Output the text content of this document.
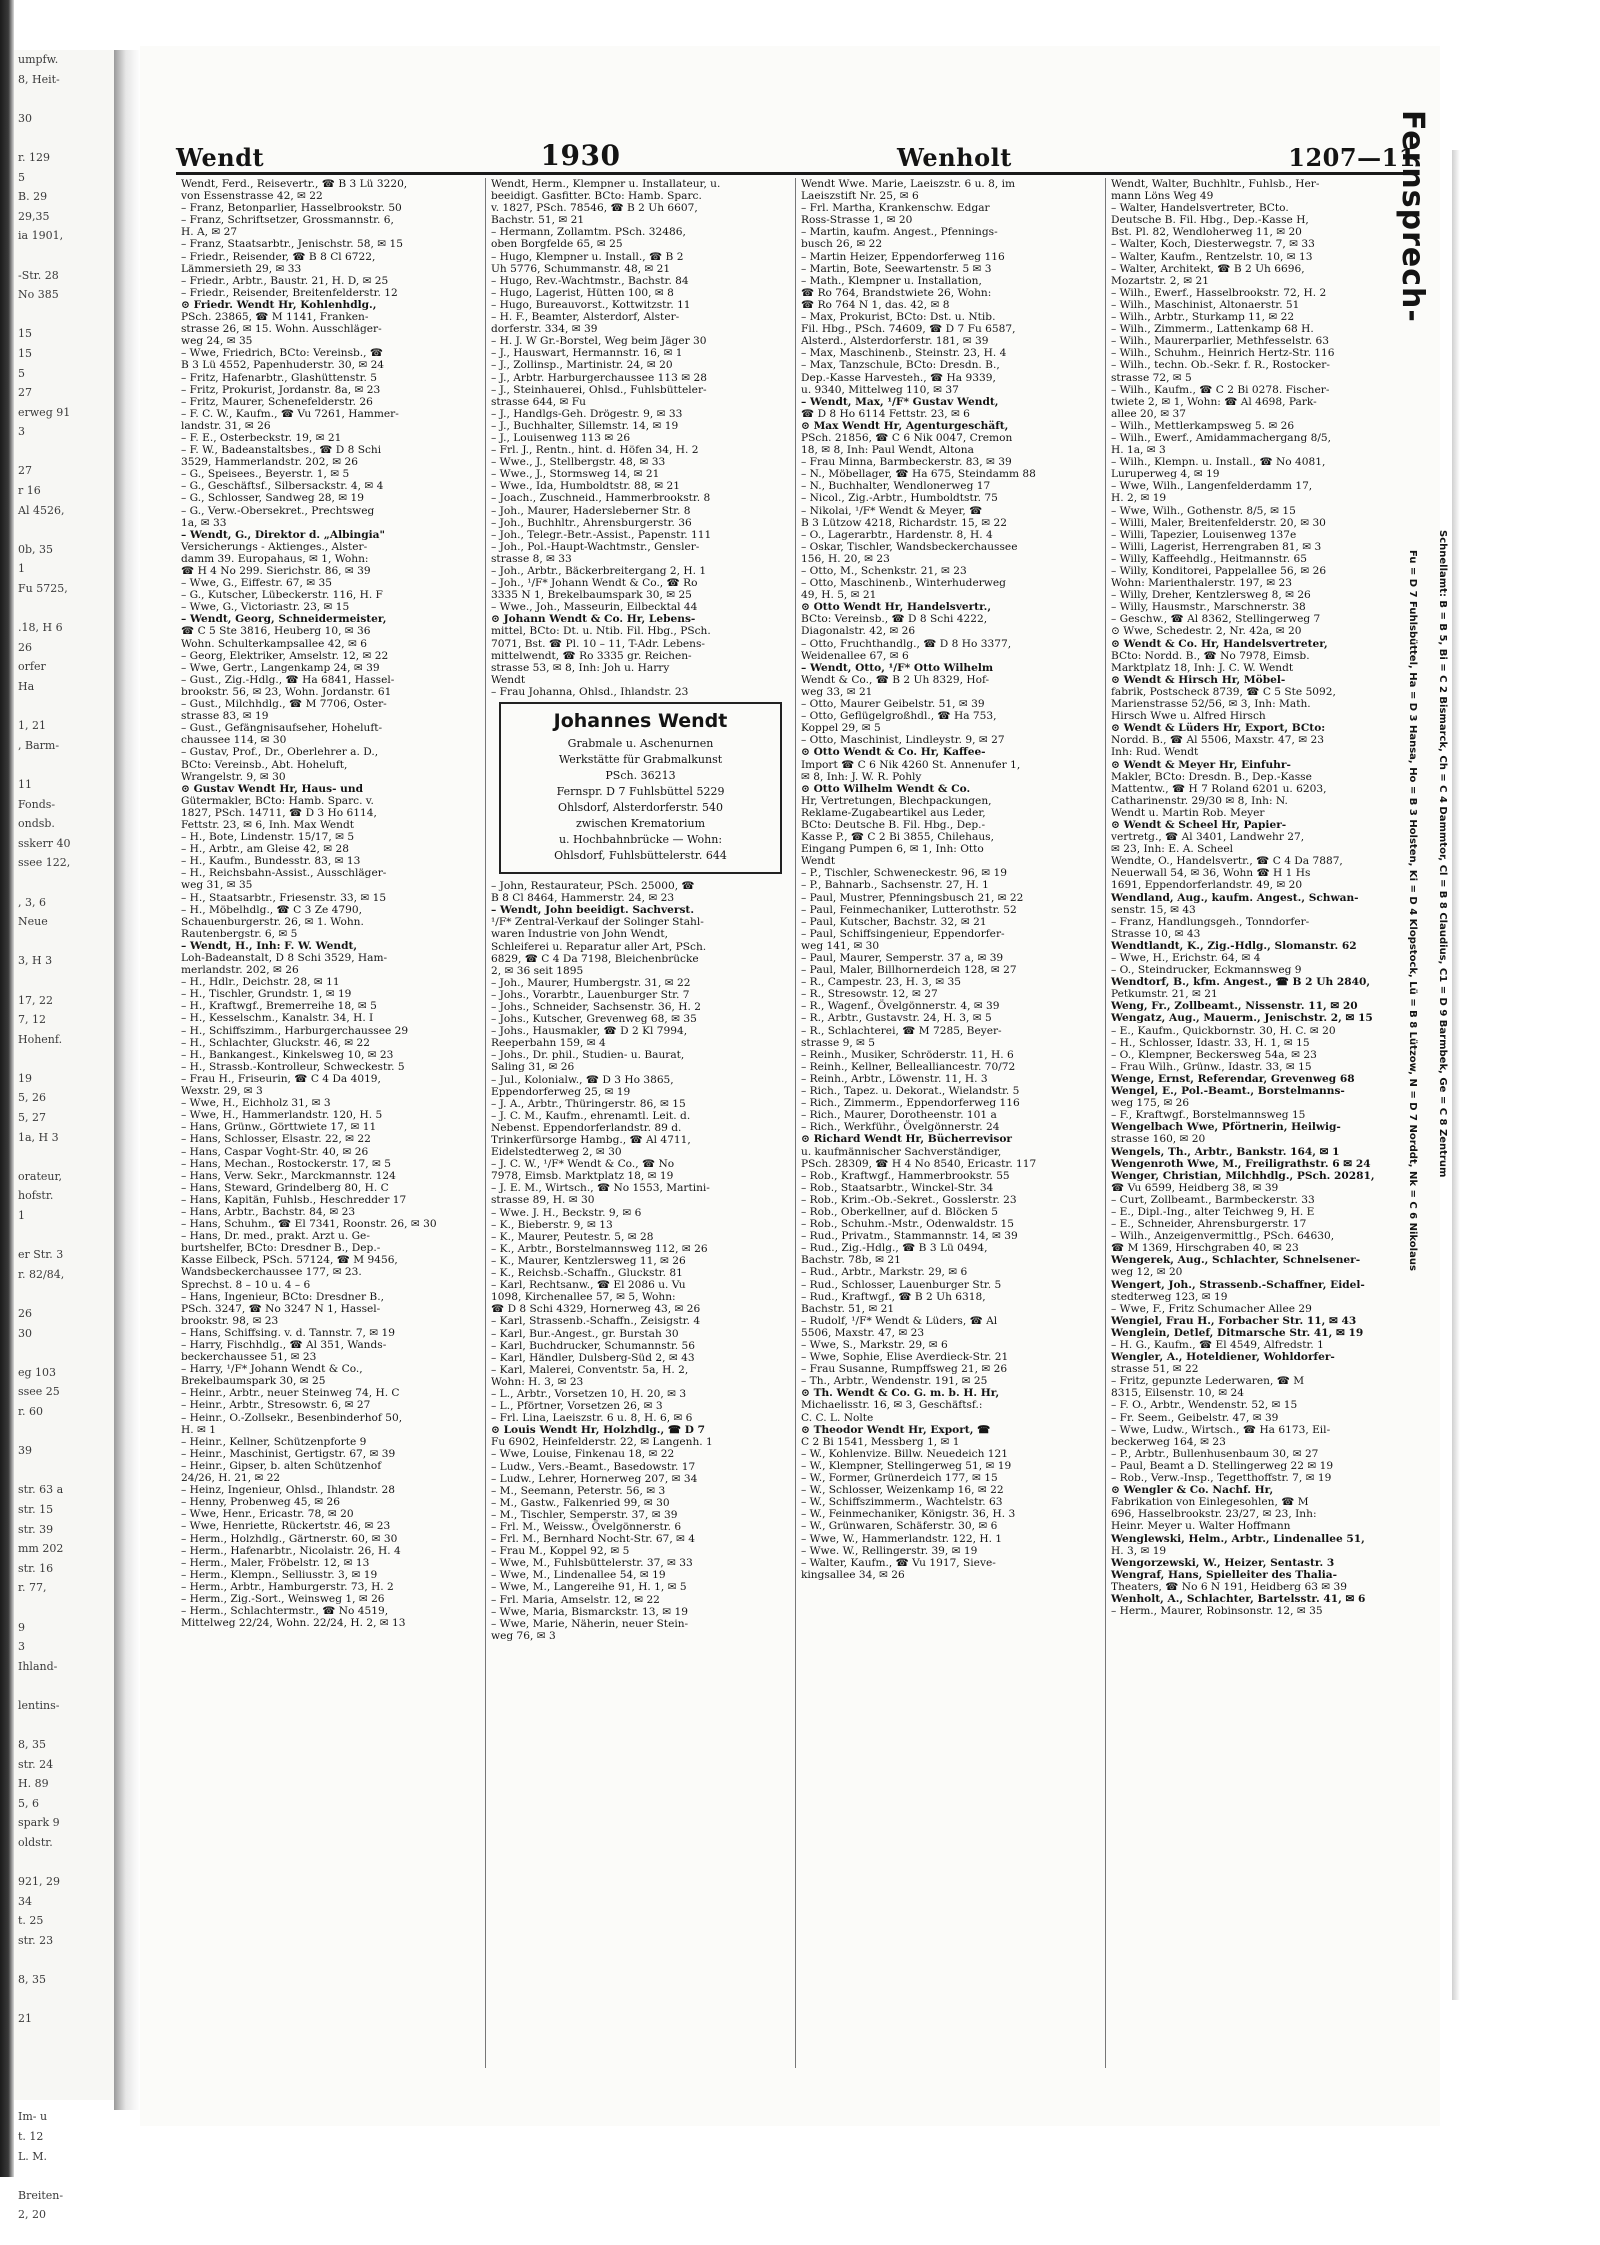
umpfw.
8, Heit-

30

r. 129
5
B. 29
29⁠,⁠35
ia 1901,

-Str. 28
No 385

15
15
5
27
erweg 91
3

27
r 16
Al 4526,

0b, 35
1
Fu 5725,

.18, H 6
26
orfer
Ha

1, 21
, Barm-

11
Fonds-
ondsb.
sskerr 40
ssee 122,

, 3, 6
Neue

3, H 3

17, 22
7, 12
Hohenf.

19
5, 26
5, 27
1a, H 3

orateur,
hofstr.
1

er Str. 3
r. 82/84,

26
30

eg 103
ssee 25
r. 60

39

str. 63 a
str. 15
str. 39
mm 202
str. 16
r. 77,

9
3
Ihland-

lentins-

8, 35
str. 24
H. 89
5, 6
spark 9
oldstr.

921, 29
34
t. 25
str. 23

8, 35

21

Im- u
t. 12
L. M.

Breiten-
2, 20

Wendt	1930	Wenholt	1207—11
Wendt, Ferd., Reisevertr., ☎ B 3 Lü 3220,
von Essenstrasse 42, ✉ 22
– Franz, Betonparlier, Hasselbrookstr. 50
– Franz, Schriftsetzer, Grossmannstr. 6,
H. A, ✉ 27
– Franz, Staatsarbtr., Jenischstr. 58, ✉ 15
– Friedr., Reisender, ☎ B 8 Cl 6722,
Lämmersieth 29, ✉ 33
– Friedr., Arbtr., Baustr. 21, H. D, ✉ 25
– Friedr., Reisender, Breitenfelderstr. 12
⊙ Friedr. Wendt Hr, Kohlenhdlg.,
PSch. 23865, ☎ M 1141, Franken-
strasse 26, ✉ 15. Wohn. Ausschläger-
weg 24, ✉ 35
– Wwe, Friedrich, BCto: Vereinsb., ☎
B 3 Lü 4552, Papenhuderstr. 30, ✉ 24
– Fritz, Hafenarbtr., Glashüttenstr. 5
– Fritz, Prokurist, Jordanstr. 8a, ✉ 23
– Fritz, Maurer, Schenefelderstr. 26
– F. C. W., Kaufm., ☎ Vu 7261, Hammer-
landstr. 31, ✉ 26
– F. E., Osterbeckstr. 19, ✉ 21
– F. W., Badeanstaltsbes., ☎ D 8 Schi
3529, Hammerlandstr. 202, ✉ 26
– G., Speisees., Beyerstr. 1, ✉ 5
– G., Geschäftsf., Silbersackstr. 4, ✉ 4
– G., Schlosser, Sandweg 28, ✉ 19
– G., Verw.-Obersekret., Prechtsweg
1a, ✉ 33
– Wendt, G., Direktor d. „Albingia"
Versicherungs - Aktienges., Alster-
damm 39. Europahaus, ✉ 1, Wohn:
☎ H 4 No 299. Sierichstr. 86, ✉ 39
– Wwe, G., Eiffestr. 67, ✉ 35
– G., Kutscher, Lübeckerstr. 116, H. F
– Wwe, G., Victoriastr. 23, ✉ 15
– Wendt, Georg, Schneidermeister,
☎ C 5 Ste 3816, Heuberg 10, ✉ 36
Wohn. Schulterkampsallee 42, ✉ 6
– Georg, Elektriker, Amselstr. 12, ✉ 22
– Wwe, Gertr., Langenkamp 24, ✉ 39
– Gust., Zig.-Hdlg., ☎ Ha 6841, Hassel-
brookstr. 56, ✉ 23, Wohn. Jordanstr. 61
– Gust., Milchhdlg., ☎ M 7706, Oster-
strasse 83, ✉ 19
– Gust., Gefängnisaufseher, Hoheluft-
chaussee 114, ✉ 30
– Gustav, Prof., Dr., Oberlehrer a. D.,
BCto: Vereinsb., Abt. Hoheluft,
Wrangelstr. 9, ✉ 30
⊙ Gustav Wendt Hr, Haus- und
Gütermakler, BCto: Hamb. Sparc. v.
1827, PSch. 14711, ☎ D 3 Ho 6114,
Fettstr. 23, ✉ 6, Inh. Max Wendt
– H., Bote, Lindenstr. 15/17, ✉ 5
– H., Arbtr., am Gleise 42, ✉ 28
– H., Kaufm., Bundesstr. 83, ✉ 13
– H., Reichsbahn-Assist., Ausschläger-
weg 31, ✉ 35
– H., Staatsarbtr., Friesenstr. 33, ✉ 15
– H., Möbelhdlg., ☎ C 3 Ze 4790,
Schauenburgerstr. 26, ✉ 1. Wohn.
Rautenbergstr. 6, ✉ 5
– Wendt, H., Inh: F. W. Wendt,
Loh-Badeanstalt, D 8 Schi 3529, Ham-
merlandstr. 202, ✉ 26
– H., Hdlr., Deichstr. 28, ✉ 11
– H., Tischler, Grundstr. 1, ✉ 19
– H., Kraftwgf., Bremerreihe 18, ✉ 5
– H., Kesselschm., Kanalstr. 34, H. I
– H., Schiffszimm., Harburgerchaussee 29
– H., Schlachter, Gluckstr. 46, ✉ 22
– H., Bankangest., Kinkelsweg 10, ✉ 23
– H., Strassb.-Kontrolleur, Schweckestr. 5
– Frau H., Friseurin, ☎ C 4 Da 4019,
Wexstr. 29, ✉ 3
– Wwe, H., Eichholz 31, ✉ 3
– Wwe, H., Hammerlandstr. 120, H. 5
– Hans, Grünw., Görttwiete 17, ✉ 11
– Hans, Schlosser, Elsastr. 22, ✉ 22
– Hans, Caspar Voght-Str. 40, ✉ 26
– Hans, Mechan., Rostockerstr. 17, ✉ 5
– Hans, Verw. Sekr., Marckmannstr. 124
– Hans, Steward, Grindelberg 80, H. C
– Hans, Kapitän, Fuhlsb., Heschredder 17
– Hans, Arbtr., Bachstr. 84, ✉ 23
– Hans, Schuhm., ☎ El 7341, Roonstr. 26, ✉ 30
– Hans, Dr. med., prakt. Arzt u. Ge-
burtshelfer, BCto: Dresdner B., Dep.-
Kasse Eilbeck, PSch. 57124, ☎ M 9456,
Wandsbeckerchaussee 177, ✉ 23.
Sprechst. 8 – 10 u. 4 – 6
– Hans, Ingenieur, BCto: Dresdner B.,
PSch. 3247, ☎ No 3247 N 1, Hassel-
brookstr. 98, ✉ 23
– Hans, Schiffsing. v. d. Tannstr. 7, ✉ 19
– Harry, Fischhdlg., ☎ Al 351, Wands-
beckerchaussee 51, ✉ 23
– Harry, ¹/F* Johann Wendt & Co.,
Brekelbaumspark 30, ✉ 25
– Heinr., Arbtr., neuer Steinweg 74, H. C
– Heinr., Arbtr., Stresowstr. 6, ✉ 27
– Heinr., O.-Zollsekr., Besenbinderhof 50,
H. ✉ 1
– Heinr., Kellner, Schützenpforte 9
– Heinr., Maschinist, Gertigstr. 67, ✉ 39
– Heinr., Gipser, b. alten Schützenhof
24/26, H. 21, ✉ 22
– Heinz, Ingenieur, Ohlsd., Ihlandstr. 28
– Henny, Probenweg 45, ✉ 26
– Wwe, Henr., Ericastr. 78, ✉ 20
– Wwe, Henriette, Rückertstr. 46, ✉ 23
– Herm., Holzhdlg., Gärtnerstr. 60, ✉ 30
– Herm., Hafenarbtr., Nicolaistr. 26, H. 4
– Herm., Maler, Fröbelstr. 12, ✉ 13
– Herm., Klempn., Selliusstr. 3, ✉ 19
– Herm., Arbtr., Hamburgerstr. 73, H. 2
– Herm., Zig.-Sort., Weinsweg 1, ✉ 26
– Herm., Schlachtermstr., ☎ No 4519,
Mittelweg 22/24, Wohn. 22/24, H. 2, ✉ 13
Wendt, Herm., Klempner u. Installateur, u.
beeidigt. Gasfitter. BCto: Hamb. Sparc.
v. 1827, PSch. 78546, ☎ B 2 Uh 6607,
Bachstr. 51, ✉ 21
– Hermann, Zollamtm. PSch. 32486,
oben Borgfelde 65, ✉ 25
– Hugo, Klempner u. Install., ☎ B 2
Uh 5776, Schummanstr. 48, ✉ 21
– Hugo, Rev.-Wachtmstr., Bachstr. 84
– Hugo, Lagerist, Hütten 100, ✉ 8
– Hugo, Bureauvorst., Kottwitzstr. 11
– H. F., Beamter, Alsterdorf, Alster-
dorferstr. 334, ✉ 39
– H. J. W Gr.-Borstel, Weg beim Jäger 30
– J., Hauswart, Hermannstr. 16, ✉ 1
– J., Zollinsp., Martinistr. 24, ✉ 20
– J., Arbtr. Harburgerchaussee 113 ✉ 28
– J., Steinhauerei, Ohlsd., Fuhlsbütteler-
strasse 644, ✉ Fu
– J., Handlgs-Geh. Drögestr. 9, ✉ 33
– J., Buchhalter, Sillemstr. 14, ✉ 19
– J., Louisenweg 113 ✉ 26
– Frl. J., Rentn., hint. d. Höfen 34, H. 2
– Wwe., J., Stellbergstr. 48, ✉ 33
– Wwe., J., Stormsweg 14, ✉ 21
– Wwe., Ida, Humboldtstr. 88, ✉ 21
– Joach., Zuschneid., Hammerbrookstr. 8
– Joh., Maurer, Hadersleberner Str. 8
– Joh., Buchhltr., Ahrensburgerstr. 36
– Joh., Telegr.-Betr.-Assist., Papenstr. 111
– Joh., Pol.-Haupt-Wachtmstr., Gensler-
strasse 8, ✉ 33
– Joh., Arbtr., Bäckerbreitergang 2, H. 1
– Joh., ¹/F* Johann Wendt & Co., ☎ Ro
3335 N 1, Brekelbaumspark 30, ✉ 25
– Wwe., Joh., Masseurin, Eilbecktal 44
⊙ Johann Wendt & Co. Hr, Lebens-
mittel, BCto: Dt. u. Ntib. Fil. Hbg., PSch.
7071, Bst. ☎ Pl. 10 – 11, T-Adr. Lebens-
mittelwendt, ☎ Ro 3335 gr. Reichen-
strasse 53, ✉ 8, Inh: Joh u. Harry
Wendt
– Frau Johanna, Ohlsd., Ihlandstr. 23
Johannes Wendt
Grabmale u. Aschenurnen
Werkstätte für Grabmalkunst
PSch. 36213
Fernspr. D 7 Fuhlsbüttel 5229
Ohlsdorf, Alsterdorferstr. 540
zwischen Krematorium
u. Hochbahnbrücke — Wohn:
Ohlsdorf, Fuhlsbüttelerstr. 644
– John, Restaurateur, PSch. 25000, ☎
B 8 Cl 8464, Hammerstr. 24, ✉ 23
– Wendt, John beeidigt. Sachverst.
¹/F* Zentral-Verkauf der Solinger Stahl-
waren Industrie von John Wendt,
Schleiferei u. Reparatur aller Art, PSch.
6829, ☎ C 4 Da 7198, Bleichenbrücke
2, ✉ 36 seit 1895
– Joh., Maurer, Humbergstr. 31, ✉ 22
– Johs., Vorarbtr., Lauenburger Str. 7
– Johs., Schneider, Sachsenstr. 36, H. 2
– Johs., Kutscher, Grevenweg 68, ✉ 35
– Johs., Hausmakler, ☎ D 2 Kl 7994,
Reeperbahn 159, ✉ 4
– Johs., Dr. phil., Studien- u. Baurat,
Saling 31, ✉ 26
– Jul., Kolonialw., ☎ D 3 Ho 3865,
Eppendorferweg 25, ✉ 19
– J. A., Arbtr., Thüringerstr. 86, ✉ 15
– J. C. M., Kaufm., ehrenamtl. Leit. d.
Nebenst. Eppendorferlandstr. 89 d.
Trinkerfürsorge Hambg., ☎ Al 4711,
Eidelstedterweg 2, ✉ 30
– J. C. W., ¹/F* Wendt & Co., ☎ No
7978, Eimsb. Marktplatz 18, ✉ 19
– J. E. M., Wirtsch., ☎ No 1553, Martini-
strasse 89, H. ✉ 30
– Wwe. J. H., Beckstr. 9, ✉ 6
– K., Bieberstr. 9, ✉ 13
– K., Maurer, Peutestr. 5, ✉ 28
– K., Arbtr., Borstelmannsweg 112, ✉ 26
– K., Maurer, Kentzlersweg 11, ✉ 26
– K., Reichsb.-Schaffn., Gluckstr. 81
– Karl, Rechtsanw., ☎ El 2086 u. Vu
1098, Kirchenallee 57, ✉ 5, Wohn:
☎ D 8 Schi 4329, Hornerweg 43, ✉ 26
– Karl, Strassenb.-Schaffn., Zeisigstr. 4
– Karl, Bur.-Angest., gr. Burstah 30
– Karl, Buchdrucker, Schumannstr. 56
– Karl, Händler, Dulsberg-Süd 2, ✉ 43
– Karl, Malerei, Conventstr. 5a, H. 2,
Wohn: H. 3, ✉ 23
– L., Arbtr., Vorsetzen 10, H. 20, ✉ 3
– L., Pförtner, Vorsetzen 26, ✉ 3
– Frl. Lina, Laeiszstr. 6 u. 8, H. 6, ✉ 6
⊙ Louis Wendt Hr, Holzhdlg., ☎ D 7
Fu 6902, Heinfelderstr. 22, ✉ Langenh. 1
– Wwe, Louise, Finkenau 18, ✉ 22
– Ludw., Vers.-Beamt., Basedowstr. 17
– Ludw., Lehrer, Hornerweg 207, ✉ 34
– M., Seemann, Peterstr. 56, ✉ 3
– M., Gastw., Falkenried 99, ✉ 30
– M., Tischler, Semperstr. 37, ✉ 39
– Frl. M., Weissw., Övelgönnerstr. 6
– Frl. M., Bernhard Nocht-Str. 67, ✉ 4
– Frau M., Koppel 92, ✉ 5
– Wwe, M., Fuhlsbüttelerstr. 37, ✉ 33
– Wwe, M., Lindenallee 54, ✉ 19
– Wwe, M., Langereihe 91, H. 1, ✉ 5
– Frl. Maria, Amselstr. 12, ✉ 22
– Wwe, Maria, Bismarckstr. 13, ✉ 19
– Wwe, Marie, Näherin, neuer Stein-
weg 76, ✉ 3
Wendt Wwe. Marie, Laeiszstr. 6 u. 8, im
Laeiszstift Nr. 25, ✉ 6
– Frl. Martha, Krankenschw. Edgar
Ross-Strasse 1, ✉ 20
– Martin, kaufm. Angest., Pfennings-
busch 26, ✉ 22
– Martin Heizer, Eppendorferweg 116
– Martin, Bote, Seewartenstr. 5 ✉ 3
– Math., Klempner u. Installation,
☎ Ro 764, Brandstwiete 26, Wohn:
☎ Ro 764 N 1, das. 42, ✉ 8
– Max, Prokurist, BCto: Dst. u. Ntib.
Fil. Hbg., PSch. 74609, ☎ D 7 Fu 6587,
Alsterd., Alsterdorferstr. 181, ✉ 39
– Max, Maschinenb., Steinstr. 23, H. 4
– Max, Tanzschule, BCto: Dresdn. B.,
Dep.-Kasse Harvesteh., ☎ Ha 9339,
u. 9340, Mittelweg 110, ✉ 37
– Wendt, Max, ¹/F* Gustav Wendt,
☎ D 8 Ho 6114 Fettstr. 23, ✉ 6
⊙ Max Wendt Hr, Agenturgeschäft,
PSch. 21856, ☎ C 6 Nik 0047, Cremon
18, ✉ 8, Inh: Paul Wendt, Altona
– Frau Minna, Barmbeckerstr. 83, ✉ 39
– N., Möbellager, ☎ Ha 675, Steindamm 88
– N., Buchhalter, Wendlonerweg 17
– Nicol., Zig.-Arbtr., Humboldtstr. 75
– Nikolai, ¹/F* Wendt & Meyer, ☎
B 3 Lützow 4218, Richardstr. 15, ✉ 22
– O., Lagerarbtr., Hardenstr. 8, H. 4
– Oskar, Tischler, Wandsbeckerchaussee
156, H. 20, ✉ 23
– Otto, M., Schenkstr. 21, ✉ 23
– Otto, Maschinenb., Winterhuderweg
49, H. 5, ✉ 21
⊙ Otto Wendt Hr, Handelsvertr.,
BCto: Vereinsb., ☎ D 8 Schi 4222,
Diagonalstr. 42, ✉ 26
– Otto, Fruchthandlg., ☎ D 8 Ho 3377,
Weidenallee 67, ✉ 6
– Wendt, Otto, ¹/F* Otto Wilhelm
Wendt & Co., ☎ B 2 Uh 8329, Hof-
weg 33, ✉ 21
– Otto, Maurer Geibelstr. 51, ✉ 39
– Otto, Geflügelgroßhdl., ☎ Ha 753,
Koppel 29, ✉ 5
– Otto, Maschinist, Lindleystr. 9, ✉ 27
⊙ Otto Wendt & Co. Hr, Kaffee-
Import ☎ C 6 Nik 4260 St. Annenufer 1,
✉ 8, Inh: J. W. R. Pohly
⊙ Otto Wilhelm Wendt & Co.
Hr, Vertretungen, Blechpackungen,
Reklame-Zugabeartikel aus Leder,
BCto: Deutsche B. Fil. Hbg., Dep.-
Kasse P., ☎ C 2 Bi 3855, Chilehaus,
Eingang Pumpen 6, ✉ 1, Inh: Otto
Wendt
– P., Tischler, Schweneckestr. 96, ✉ 19
– P., Bahnarb., Sachsenstr. 27, H. 1
– Paul, Mustrer, Pfenningsbusch 21, ✉ 22
– Paul, Feinmechaniker, Lutterothstr. 52
– Paul, Kutscher, Bachstr. 32, ✉ 21
– Paul, Schiffsingenieur, Eppendorfer-
weg 141, ✉ 30
– Paul, Maurer, Semperstr. 37 a, ✉ 39
– Paul, Maler, Billhornerdeich 128, ✉ 27
– R., Campestr. 23, H. 3, ✉ 35
– R., Stresowstr. 12, ✉ 27
– R., Wagenf., Övelgönnerstr. 4, ✉ 39
– R., Arbtr., Gustavstr. 24, H. 3, ✉ 5
– R., Schlachterei, ☎ M 7285, Beyer-
strasse 9, ✉ 5
– Reinh., Musiker, Schröderstr. 11, H. 6
– Reinh., Kellner, Bellealliancestr. 70/72
– Reinh., Arbtr., Löwenstr. 11, H. 3
– Rich., Tapez. u. Dekorat., Wielandstr. 5
– Rich., Zimmerm., Eppendorferweg 116
– Rich., Maurer, Dorotheenstr. 101 a
– Rich., Werkführ., Övelgönnerstr. 24
⊙ Richard Wendt Hr, Bücherrevisor
u. kaufmännischer Sachverständiger,
PSch. 28309, ☎ H 4 No 8540, Ericastr. 117
– Rob., Kraftwgf., Hammerbrookstr. 55
– Rob., Staatsarbtr., Winckel-Str. 34
– Rob., Krim.-Ob.-Sekret., Gosslerstr. 23
– Rob., Oberkellner, auf d. Blöcken 5
– Rob., Schuhm.-Mstr., Odenwaldstr. 15
– Rud., Privatm., Stammannstr. 14, ✉ 39
– Rud., Zig.-Hdlg., ☎ B 3 Lü 0494,
Bachstr. 78b, ✉ 21
– Rud., Arbtr., Markstr. 29, ✉ 6
– Rud., Schlosser, Lauenburger Str. 5
– Rud., Kraftwgf., ☎ B 2 Uh 6318,
Bachstr. 51, ✉ 21
– Rudolf, ¹/F* Wendt & Lüders, ☎ Al
5506, Maxstr. 47, ✉ 23
– Wwe, S., Markstr. 29, ✉ 6
– Wwe, Sophie, Elise Averdieck-Str. 21
– Frau Susanne, Rumpffsweg 21, ✉ 26
– Th., Arbtr., Wendenstr. 191, ✉ 25
⊙ Th. Wendt & Co. G. m. b. H. Hr,
Michaelisstr. 16, ✉ 3, Geschäftsf.:
C. C. L. Nolte
⊙ Theodor Wendt Hr, Export, ☎
C 2 Bi 1541, Messberg 1, ✉ 1
– W., Kohlenvize. Billw. Neuedeich 121
– W., Klempner, Stellingerweg 51, ✉ 19
– W., Former, Grünerdeich 177, ✉ 15
– W., Schlosser, Weizenkamp 16, ✉ 22
– W., Schiffszimmerm., Wachtelstr. 63
– W., Feinmechaniker, Königstr. 36, H. 3
– W., Grünwaren, Schäferstr. 30, ✉ 6
– Wwe, W., Hammerlandstr. 122, H. 1
– Wwe. W., Rellingerstr. 39, ✉ 19
– Walter, Kaufm., ☎ Vu 1917, Sieve-
kingsallee 34, ✉ 26
Wendt, Walter, Buchhltr., Fuhlsb., Her-
mann Löns Weg 49
– Walter, Handelsvertreter, BCto.
Deutsche B. Fil. Hbg., Dep.-Kasse H,
Bst. Pl. 82, Wendloherweg 11, ✉ 20
– Walter, Koch, Diesterwegstr. 7, ✉ 33
– Walter, Kaufm., Rentzelstr. 10, ✉ 13
– Walter, Architekt, ☎ B 2 Uh 6696,
Mozartstr. 2, ✉ 21
– Wilh., Ewerf., Hasselbrookstr. 72, H. 2
– Wilh., Maschinist, Altonaerstr. 51
– Wilh., Arbtr., Sturkamp 11, ✉ 22
– Wilh., Zimmerm., Lattenkamp 68 H.
– Wilh., Maurerparlier, Methfesselstr. 63
– Wilh., Schuhm., Heinrich Hertz-Str. 116
– Wilh., techn. Ob.-Sekr. f. R., Rostocker-
strasse 72, ✉ 5
– Wilh., Kaufm., ☎ C 2 Bi 0278. Fischer-
twiete 2, ✉ 1, Wohn: ☎ Al 4698, Park-
allee 20, ✉ 37
– Wilh., Mettlerkampsweg 5. ✉ 26
– Wilh., Ewerf., Amidammachergang 8/5,
H. 1a, ✉ 3
– Wilh., Klempn. u. Install., ☎ No 4081,
Luruperweg 4, ✉ 19
– Wwe, Wilh., Langenfelderdamm 17,
H. 2, ✉ 19
– Wwe, Wilh., Gothenstr. 8/5, ✉ 15
– Willi, Maler, Breitenfelderstr. 20, ✉ 30
– Willi, Tapezier, Louisenweg 137e
– Willi, Lagerist, Herrengraben 81, ✉ 3
– Willy, Kaffeehdlg., Heitmannstr. 65
– Willy, Konditorei, Pappelallee 56, ✉ 26
Wohn: Marienthalerstr. 197, ✉ 23
– Willy, Dreher, Kentzlersweg 8, ✉ 26
– Willy, Hausmstr., Marschnerstr. 38
– Geschw., ☎ Al 8362, Stellingerweg 7
⊙ Wwe, Schedestr. 2, Nr. 42a, ✉ 20
⊙ Wendt & Co. Hr, Handelsvertreter,
BCto: Nordd. B., ☎ No 7978, Eimsb.
Marktplatz 18, Inh: J. C. W. Wendt
⊙ Wendt & Hirsch Hr, Möbel-
fabrik, Postscheck 8739, ☎ C 5 Ste 5092,
Marienstrasse 52/56, ✉ 3, Inh: Math.
Hirsch Wwe u. Alfred Hirsch
⊙ Wendt & Lüders Hr, Export, BCto:
Nordd. B., ☎ Al 5506, Maxstr. 47, ✉ 23
Inh: Rud. Wendt
⊙ Wendt & Meyer Hr, Einfuhr-
Makler, BCto: Dresdn. B., Dep.-Kasse
Mattentw., ☎ H 7 Roland 6201 u. 6203,
Catharinenstr. 29/30 ✉ 8, Inh: N.
Wendt u. Martin Rob. Meyer
⊙ Wendt & Scheel Hr, Papier-
vertretg., ☎ Al 3401, Landwehr 27,
✉ 23, Inh: E. A. Scheel
Wendte, O., Handelsvertr., ☎ C 4 Da 7887,
Neuerwall 54, ✉ 36, Wohn ☎ H 1 Hs
1691, Eppendorferlandstr. 49, ✉ 20
Wendland, Aug., kaufm. Angest., Schwan-
senstr. 15, ✉ 43
– Franz, Handlungsgeh., Tonndorfer-
Strasse 10, ✉ 43
Wendtlandt, K., Zig.-Hdlg., Slomanstr. 62
– Wwe, H., Erichstr. 64, ✉ 4
– O., Steindrucker, Eckmannsweg 9
Wendtorf, B., kfm. Angest., ☎ B 2 Uh 2840,
Petkumstr. 21, ✉ 21
Weng, Fr., Zollbeamt., Nissenstr. 11, ✉ 20
Wengatz, Aug., Mauerm., Jenischstr. 2, ✉ 15
– E., Kaufm., Quickbornstr. 30, H. C. ✉ 20
– H., Schlosser, Idastr. 33, H. 1, ✉ 15
– O., Klempner, Beckersweg 54a, ✉ 23
– Frau Wilh., Grünw., Idastr. 33, ✉ 15
Wenge, Ernst, Referendar, Grevenweg 68
Wengel, E., Pol.-Beamt., Borstelmanns-
weg 175, ✉ 26
– F., Kraftwgf., Borstelmannsweg 15
Wengelbach Wwe, Pförtnerin, Heilwig-
strasse 160, ✉ 20
Wengels, Th., Arbtr., Bankstr. 164, ✉ 1
Wengenroth Wwe, M., Freiligrathstr. 6 ✉ 24
Wenger, Christian, Milchhdlg., PSch. 20281,
☎ Vu 6599, Heidberg 38, ✉ 39
– Curt, Zollbeamt., Barmbeckerstr. 33
– E., Dipl.-Ing., alter Teichweg 9, H. E
– E., Schneider, Ahrensburgerstr. 17
– Wilh., Anzeigenvermittlg., PSch. 64630,
☎ M 1369, Hirschgraben 40, ✉ 23
Wengerek, Aug., Schlachter, Schnelsener-
weg 12, ✉ 20
Wengert, Joh., Strassenb.-Schaffner, Eidel-
stedterweg 123, ✉ 19
– Wwe, F., Fritz Schumacher Allee 29
Wengiel, Frau H., Forbacher Str. 11, ✉ 43
Wenglein, Detlef, Ditmarsche Str. 41, ✉ 19
– H. G., Kaufm., ☎ El 4549, Alfredstr. 1
Wengler, A., Hoteldiener, Wohldorfer-
strasse 51, ✉ 22
– Fritz, gepunzte Lederwaren, ☎ M
8315, Eilsenstr. 10, ✉ 24
– F. O., Arbtr., Wendenstr. 52, ✉ 15
– Fr. Seem., Geibelstr. 47, ✉ 39
– Wwe, Ludw., Wirtsch., ☎ Ha 6173, Eil-
beckerweg 164, ✉ 23
– P., Arbtr., Bullenhusenbaum 30, ✉ 27
– Paul, Beamt a D. Stellingerweg 22 ✉ 19
– Rob., Verw.-Insp., Tegetthoffstr. 7, ✉ 19
⊙ Wengler & Co. Nachf. Hr,
Fabrikation von Einlegesohlen, ☎ M
696, Hasselbrookstr. 23/27, ✉ 23, Inh:
Heinr. Meyer u. Walter Hoffmann
Wenglewski, Helm., Arbtr., Lindenallee 51,
H. 3, ✉ 19
Wengorzewski, W., Heizer, Sentastr. 3
Wengraf, Hans, Spielleiter des Thalia-
Theaters, ☎ No 6 N 191, Heidberg 63 ✉ 39
Wenholt, A., Schlachter, Bartelsstr. 41, ✉ 6
– Herm., Maurer, Robinsonstr. 12, ✉ 35
Fernsprech-
Fu = D 7 Fuhlsbüttel, Ha = D 3 Hansa, Ho = B 3 Holsten, Ki = D 4 Klopstock, Lü = B 8 Lützow, N = D 7 Norddt, Nk = C 6 Nikolaus	Schnellamt: B = B 5, Bi = C 2 Bismarck, Ch = C 4 Dammtor, Cl = B 8 Claudius, C1 = D 9 Barmbek, Ge = C 8 Zentrum
